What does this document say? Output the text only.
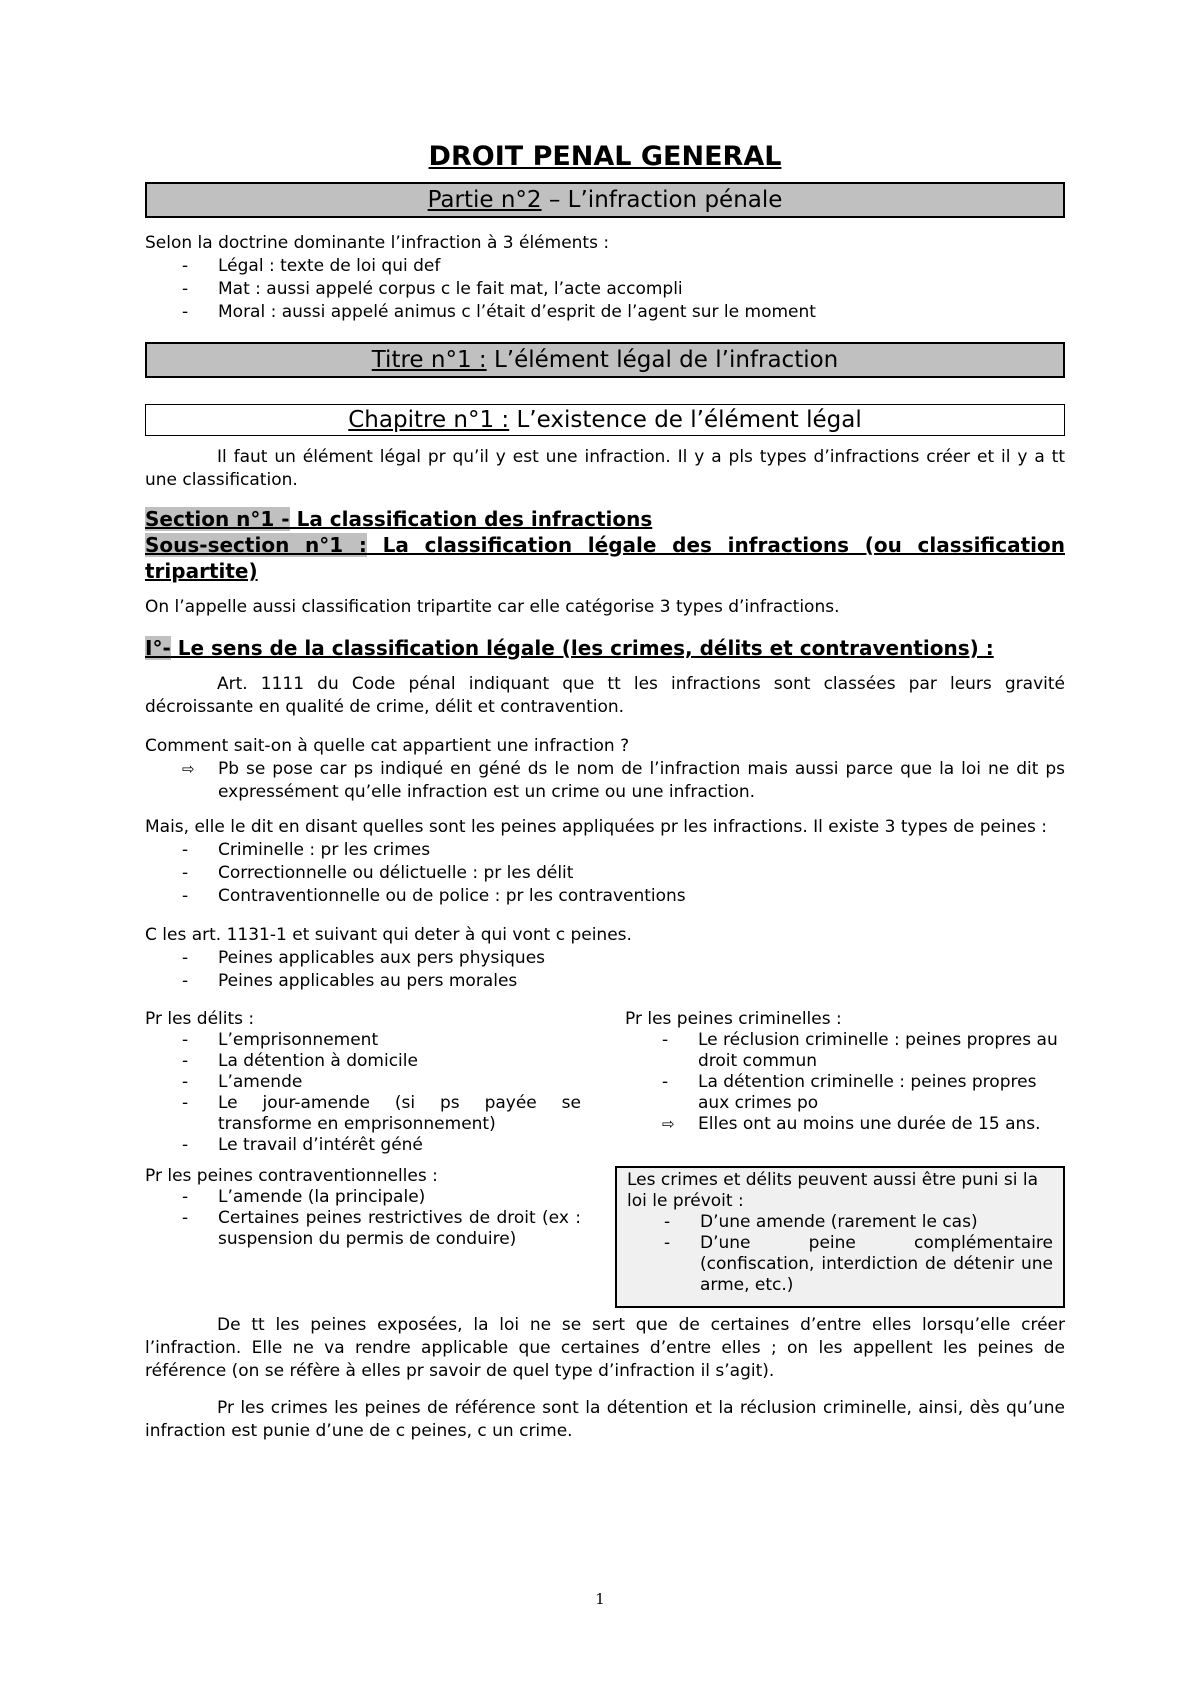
DROIT PENAL GENERAL
Partie n°2 – L’infraction pénale

Selon la doctrine dominante l’infraction à 3 éléments :

- Légal : texte de loi qui def
- Mat : aussi appelé corpus c le fait mat, l’acte accompli
- Moral : aussi appelé animus c l’était d’esprit de l’agent sur le moment
Titre n°1 : L’élément légal de l’infraction
Chapitre n°1 : L’existence de l’élément légal

Il faut un élément légal pr qu’il y est une infraction. Il y a pls types d’infractions créer et il y a tt une classification.

Section n°1 - La classification des infractions
Sous-section n°1 : La classification légale des infractions (ou classification tripartite)

On l’appelle aussi classification tripartite car elle catégorise 3 types d’infractions.

I°- Le sens de la classification légale (les crimes, délits et contraventions) :

Art. 1111 du Code pénal indiquant que tt les infractions sont classées par leurs gravité décroissante en qualité de crime, délit et contravention.

Comment sait-on à quelle cat appartient une infraction ?

⇨ Pb se pose car ps indiqué en géné ds le nom de l’infraction mais aussi parce que la loi ne dit ps expressément qu’elle infraction est un crime ou une infraction.

Mais, elle le dit en disant quelles sont les peines appliquées pr les infractions. Il existe 3 types de peines :

- Criminelle : pr les crimes
- Correctionnelle ou délictuelle : pr les délit
- Contraventionnelle ou de police : pr les contraventions

C les art. 1131-1 et suivant qui deter à qui vont c peines.

- Peines applicables aux pers physiques
- Peines applicables au pers morales

Pr les délits :

- L’emprisonnement
- La détention à domicile
- L’amende
- Le jour-amende (si ps payée se transforme en emprisonnement)
- Le travail d’intérêt géné

Pr les peines criminelles :

- Le réclusion criminelle : peines propres au droit commun
- La détention criminelle : peines propres aux crimes po
⇨ Elles ont au moins une durée de 15 ans.

Pr les peines contraventionnelles :

- L’amende (la principale)
- Certaines peines restrictives de droit (ex : suspension du permis de conduire)

Les crimes et délits peuvent aussi être puni si la loi le prévoit :

- D’une amende (rarement le cas)
- D’une peine complémentaire (confiscation, interdiction de détenir une arme, etc.)

De tt les peines exposées, la loi ne se sert que de certaines d’entre elles lorsqu’elle créer l’infraction. Elle ne va rendre applicable que certaines d’entre elles ; on les appellent les peines de référence (on se réfère à elles pr savoir de quel type d’infraction il s’agit).

Pr les crimes les peines de référence sont la détention et la réclusion criminelle, ainsi, dès qu’une infraction est punie d’une de c peines, c un crime.

1
